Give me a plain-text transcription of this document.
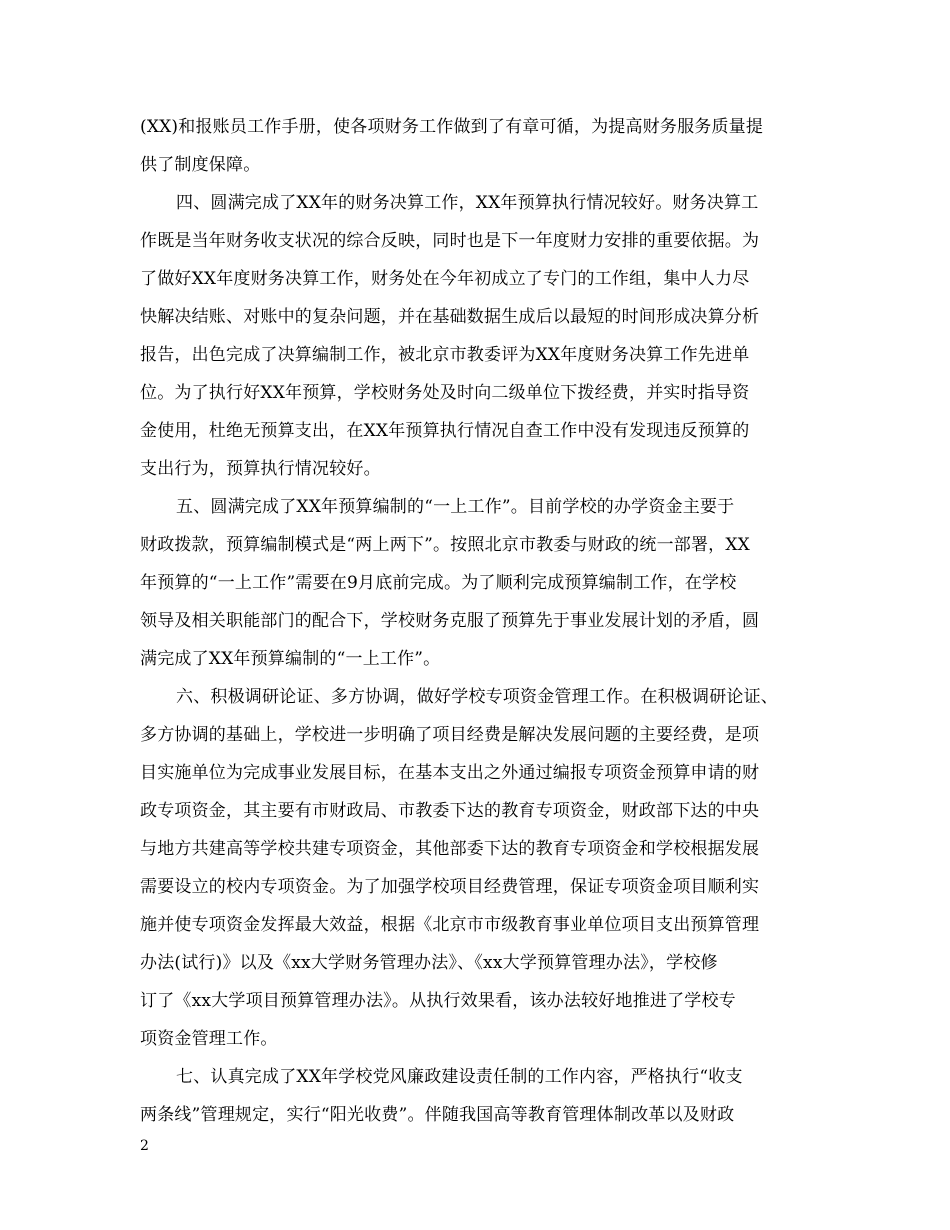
(XX)和报账员工作手册，使各项财务工作做到了有章可循，为提高财务服务质量提
供了制度保障。
四、圆满完成了XX年的财务决算工作，XX年预算执行情况较好。财务决算工
作既是当年财务收支状况的综合反映，同时也是下一年度财力安排的重要依据。为
了做好XX年度财务决算工作，财务处在今年初成立了专门的工作组，集中人力尽
快解决结账、对账中的复杂问题，并在基础数据生成后以最短的时间形成决算分析
报告，出色完成了决算编制工作，被北京市教委评为XX年度财务决算工作先进单
位。为了执行好XX年预算，学校财务处及时向二级单位下拨经费，并实时指导资
金使用，杜绝无预算支出，在XX年预算执行情况自查工作中没有发现违反预算的
支出行为，预算执行情况较好。
五、圆满完成了XX年预算编制的“一上工作”。目前学校的办学资金主要于
财政拨款，预算编制模式是“两上两下”。按照北京市教委与财政的统一部署，XX
年预算的“一上工作”需要在9月底前完成。为了顺利完成预算编制工作，在学校
领导及相关职能部门的配合下，学校财务克服了预算先于事业发展计划的矛盾，圆
满完成了XX年预算编制的“一上工作”。
六、积极调研论证、多方协调，做好学校专项资金管理工作。在积极调研论证、
多方协调的基础上，学校进一步明确了项目经费是解决发展问题的主要经费，是项
目实施单位为完成事业发展目标，在基本支出之外通过编报专项资金预算申请的财
政专项资金，其主要有市财政局、市教委下达的教育专项资金，财政部下达的中央
与地方共建高等学校共建专项资金，其他部委下达的教育专项资金和学校根据发展
需要设立的校内专项资金。为了加强学校项目经费管理，保证专项资金项目顺利实
施并使专项资金发挥最大效益，根据《北京市市级教育事业单位项目支出预算管理
办法(试行)》以及《xx大学财务管理办法》、《xx大学预算管理办法》，学校修
订了《xx大学项目预算管理办法》。从执行效果看，该办法较好地推进了学校专
项资金管理工作。
七、认真完成了XX年学校党风廉政建设责任制的工作内容，严格执行“收支
两条线”管理规定，实行“阳光收费”。伴随我国高等教育管理体制改革以及财政
2
